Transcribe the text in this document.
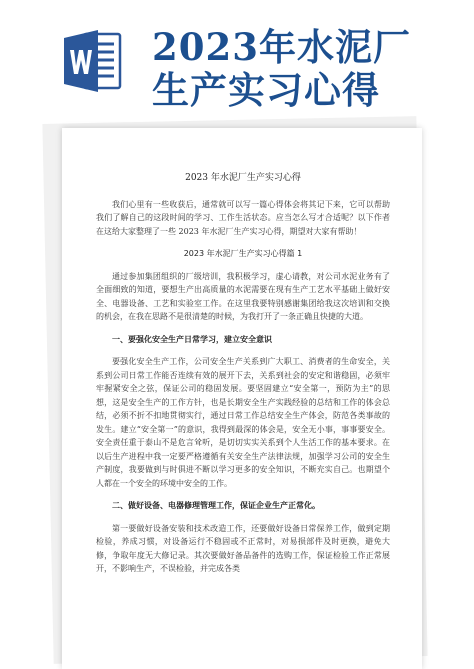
2023年水泥厂
生产实习心得
2023 年水泥厂生产实习心得

我们心里有一些收获后，通常就可以写一篇心得体会将其记下来，它可以帮助我们了解自己的这段时间的学习、工作生活状态。应当怎么写才合适呢？以下作者在这给大家整理了一些 2023 年水泥厂生产实习心得，期望对大家有帮助！

2023 年水泥厂生产实习心得篇 1

通过参加集团组织的厂级培训，我积极学习，虚心请教，对公司水泥业务有了全面细致的知道，要想生产出高质量的水泥需要在现有生产工艺水平基础上做好安全、电器设备、工艺和实验室工作。在这里我要特别感谢集团给我这次培训和交换的机会，在我在思路不是很清楚的时候，为我打开了一条正确且快捷的大道。

一、要强化安全生产日常学习，建立安全意识

要强化安全生产工作，公司安全生产关系到广大职工、消费者的生命安全，关系到公司日常工作能否连续有效的展开下去，关系到社会的安定和谐稳固，必须牢牢握紧安全之弦，保证公司的稳固发展。要坚固建立“安全第一，预防为主”的思想，这是安全生产的工作方针，也是长期安全生产实践经验的总结和工作的体会总结，必须不折不扣地贯彻实行，通过日常工作总结安全生产体会，防范各类事故的发生。建立“安全第一”的意识，我得到最深的体会是，安全无小事，事事要安全。安全责任重于泰山不是危言耸听，是切切实实关系到个人生活工作的基本要求。在以后生产进程中我一定要严格遵循有关安全生产法律法规，加强学习公司的安全生产制度，我要做到与时俱进不断以学习更多的安全知识，不断充实自己。也期望个人都在一个安全的环境中安全的工作。

二、做好设备、电器修理管理工作，保证企业生产正常化。

第一要做好设备安装和技术改造工作，还要做好设备日常保养工作，做到定期检验，养成习惯，对设备运行不稳固或不正常时，对易损部件及时更换，避免大修，争取年度无大修记录。其次要做好备品备件的选购工作，保证检验工作正常展开，不影响生产，不误检验，并完成各类
